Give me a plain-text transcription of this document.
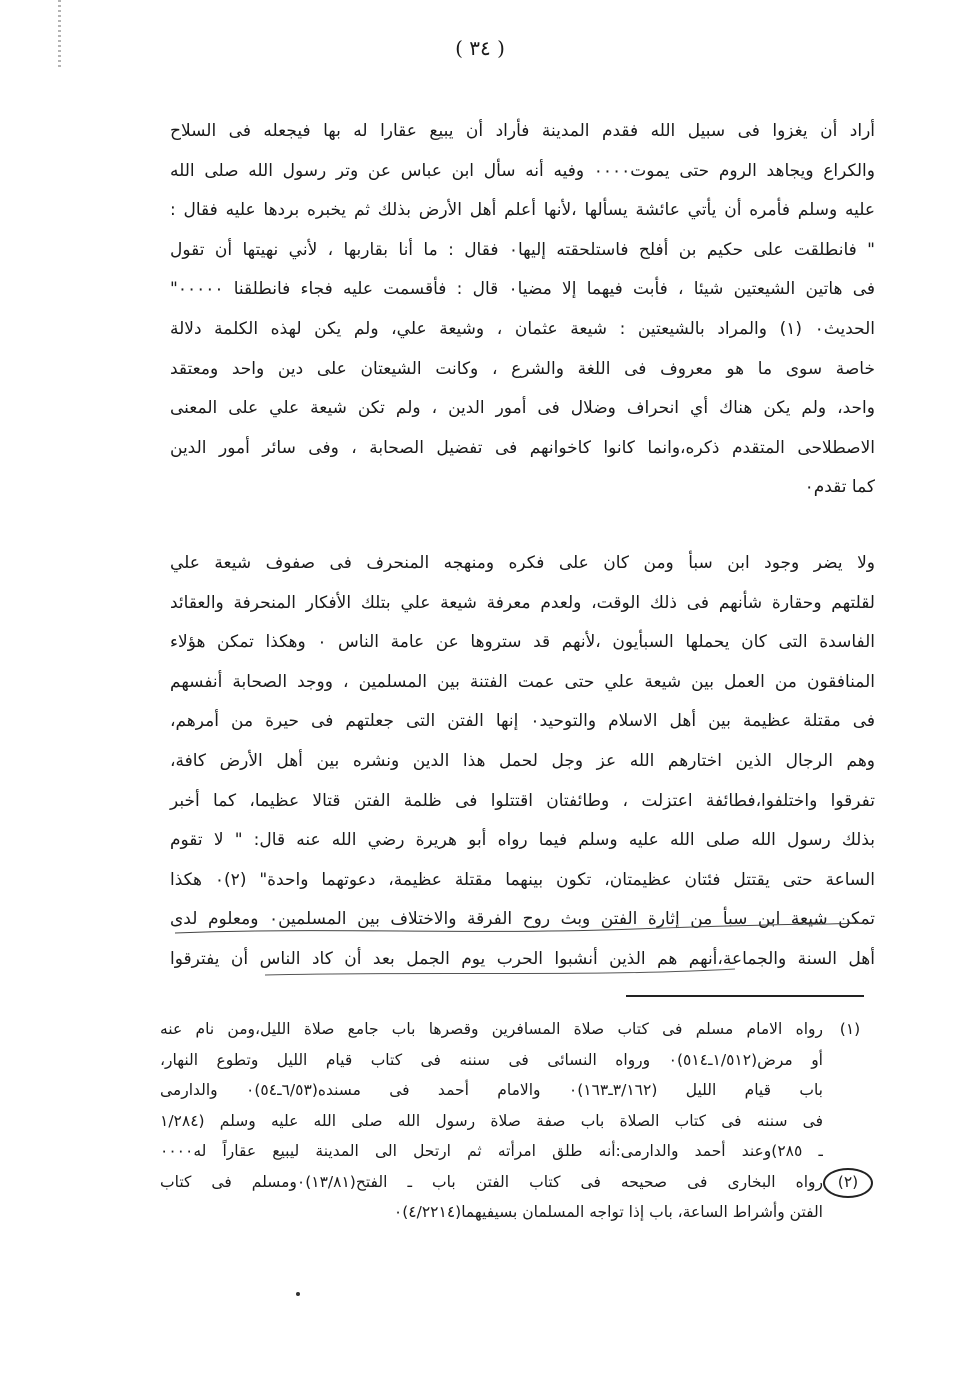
( ٣٤ )

أراد أن يغزوا فى سبيل الله فقدم المدينة فأراد أن يبيع عقارا له بها فيجعله فى السلاح

والكراع ويجاهد الروم حتى يموت٠٠٠٠ وفيه أنه سأل ابن عباس عن وتر رسول الله صلى الله

عليه وسلم فأمره أن يأتي عائشة يسألها ،لأنها أعلم أهل الأرض بذلك ثم يخبره بردها عليه فقال :

" فانطلقت على حكيم بن أفلح فاستلحقته إليها٠ فقال : ما أنا بقاربها ، لأني نهيتها أن تقول

فى هاتين الشيعتين شيئا ، فأبت فيهما إلا مضيا٠ قال : فأقسمت عليه فجاء فانطلقنا ٠٠٠٠٠"

الحديث٠ (١) والمراد بالشيعتين : شيعة عثمان ، وشيعة علي، ولم يكن لهذه الكلمة دلالة

خاصة سوى ما هو معروف فى اللغة والشرع ، وكانت الشيعتان على دين واحد ومعتقد

واحد، ولم يكن هناك أي انحراف وضلال فى أمور الدين ، ولم تكن شيعة علي على المعنى

الاصطلاحى المتقدم ذكره،وانما كانوا كاخوانهم فى تفضيل الصحابة ، وفى سائر أمور الدين

كما تقدم٠

ولا يضر وجود ابن سبأ ومن كان على فكره ومنهجه المنحرف فى صفوف شيعة علي

لقلتهم وحقارة شأنهم فى ذلك الوقت، ولعدم معرفة شيعة علي بتلك الأفكار المنحرفة والعقائد

الفاسدة التى كان يحملها السبأيون ،لأنهم قد ستروها عن عامة الناس ٠ وهكذا تمكن هؤلاء

المنافقون من العمل بين شيعة علي حتى عمت الفتنة بين المسلمين ، ووجد الصحابة أنفسهم

فى مقتلة عظيمة بين أهل الاسلام والتوحيد٠ إنها الفتن التى جعلتهم فى حيرة من أمرهم،

وهم الرجال الذين اختارهم الله عز وجل لحمل هذا الدين ونشره بين أهل الأرض كافة،

تفرقوا واختلفوا،فطائفة اعتزلت ، وطائفتان اقتتلوا فى ظلمة الفتن قتالا عظيما، كما أخبر

بذلك رسول الله صلى الله عليه وسلم فيما رواه أبو هريرة رضي الله عنه قال: " لا تقوم

الساعة حتى يقتتل فئتان عظيمتان، تكون بينهما مقتلة عظيمة، دعوتهما واحدة" (٢)٠ هكذا

تمكن شيعة ابن سبأ من إثارة الفتن وبث روح الفرقة والاختلاف بين المسلمين٠ ومعلوم لدى

أهل السنة والجماعة،أنهم هم الذين أنشبوا الحرب يوم الجمل بعد أن كاد الناس أن يفترقوا

(١)
رواه الامام مسلم فى كتاب صلاة المسافرين وقصرها باب جامع صلاة الليل،ومن نام عنه
أو مرض(١/٥١٢ـ٥١٤)٠ ورواه النسائى فى سننه فى كتاب قيام الليل وتطوع النهار،
باب قيام الليل (٣/١٦٢ـ١٦٣)٠ والامام أحمد فى مسنده(٦/٥٣ـ٥٤)٠ والدارمى
فى سننه فى كتاب الصلاة باب صفة صلاة رسول الله صلى الله عليه وسلم (١/٢٨٤
ـ ٢٨٥)وعند أحمد والدارمى:أنه طلق امرأته ثم ارتحل الى المدينة ليبيع عقاراً له٠٠٠٠
(٢)
رواه البخارى فى صحيحه فى كتاب الفتن باب ـ الفتح(١٣/٨١)٠ومسلم فى كتاب
الفتن وأشراط الساعة، باب إذا تواجه المسلمان بسيفيهما(٤/٢٢١٤)٠
